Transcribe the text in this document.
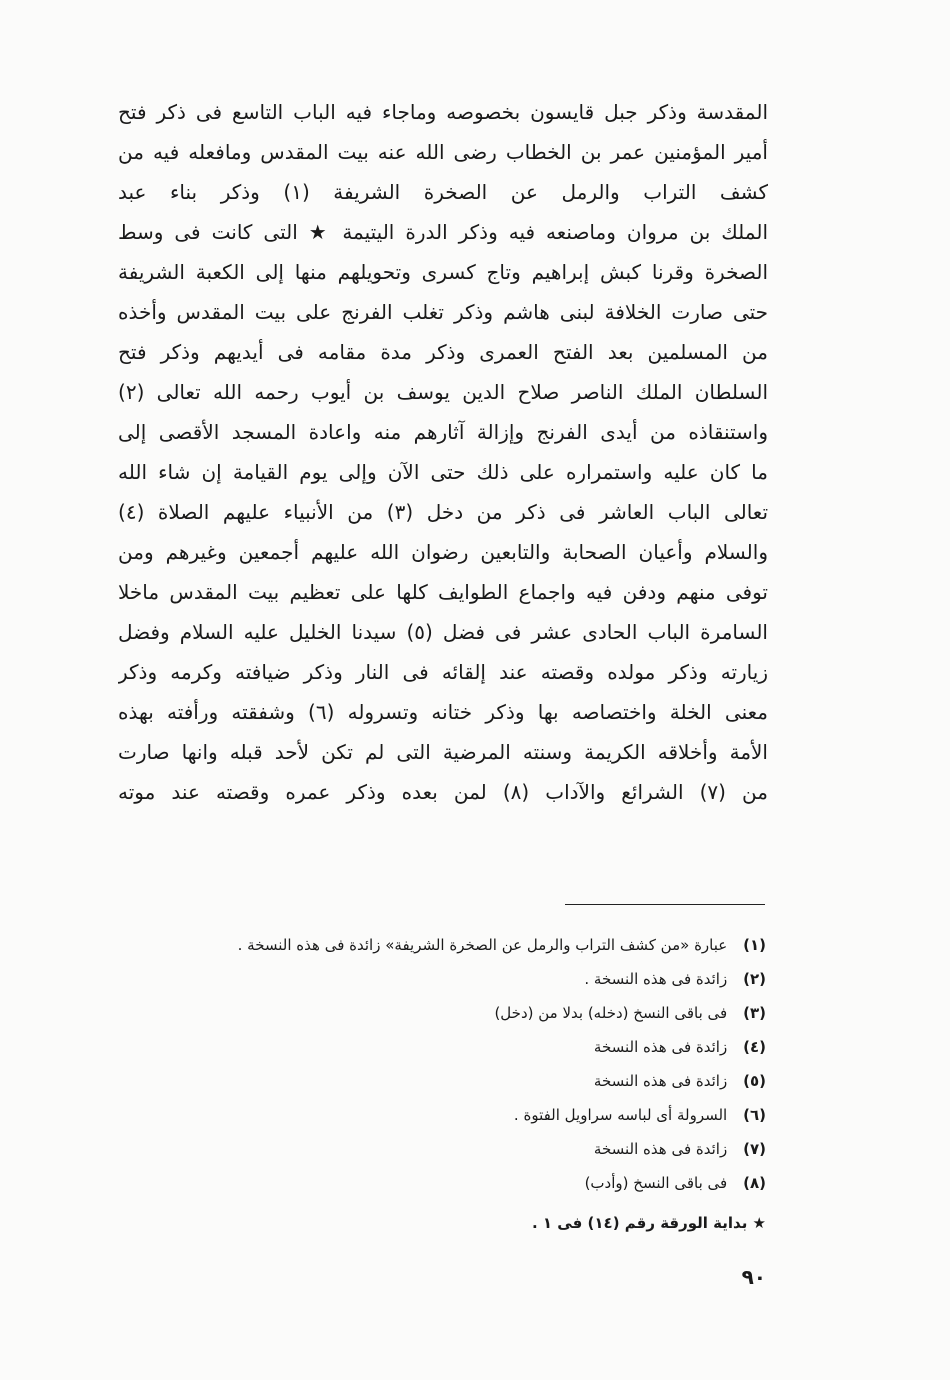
المقدسة وذكر جبل قايسون بخصوصه وماجاء فيه الباب التاسع فى ذكر فتح
أمير المؤمنين عمر بن الخطاب رضى الله عنه بيت المقدس ومافعله فيه من
كشف التراب والرمل عن الصخرة الشريفة (١) وذكر بناء عبد
الملك بن مروان وماصنعه فيه وذكر الدرة اليتيمة ★ التى كانت فى وسط
الصخرة وقرنا كبش إبراهيم وتاج كسرى وتحويلهم منها إلى الكعبة الشريفة
حتى صارت الخلافة لبنى هاشم وذكر تغلب الفرنج على بيت المقدس وأخذه
من المسلمين بعد الفتح العمرى وذكر مدة مقامه فى أيديهم وذكر فتح
السلطان الملك الناصر صلاح الدين يوسف بن أيوب رحمه الله تعالى (٢)
واستنقاذه من أيدى الفرنج وإزالة آثارهم منه واعادة المسجد الأقصى إلى
ما كان عليه واستمراره على ذلك حتى الآن وإلى يوم القيامة إن شاء الله
تعالى الباب العاشر فى ذكر من دخل (٣) من الأنبياء عليهم الصلاة (٤)
والسلام وأعيان الصحابة والتابعين رضوان الله عليهم أجمعين وغيرهم ومن
توفى منهم ودفن فيه واجماع الطوايف كلها على تعظيم بيت المقدس ماخلا
السامرة الباب الحادى عشر فى فضل (٥) سيدنا الخليل عليه السلام وفضل
زيارته وذكر مولده وقصته عند إلقائه فى النار وذكر ضيافته وكرمه وذكر
معنى الخلة واختصاصه بها وذكر ختانه وتسروله (٦) وشفقته ورأفته بهذه
الأمة وأخلاقه الكريمة وسنته المرضية التى لم تكن لأحد قبله وانها صارت
من (٧) الشرائع والآداب (٨) لمن بعده وذكر عمره وقصته عند موته
(١) عبارة «من كشف التراب والرمل عن الصخرة الشريفة» زائدة فى هذه النسخة .
(٢) زائدة فى هذه النسخة .
(٣) فى باقى النسخ (دخله) بدلا من (دخل)
(٤) زائدة فى هذه النسخة
(٥) زائدة فى هذه النسخة
(٦) السرولة أى لباسه سراويل الفتوة .
(٧) زائدة فى هذه النسخة
(٨) فى باقى النسخ (وأدب)
★ بداية الورقة رقم (١٤) فى ١ .
٩٠
